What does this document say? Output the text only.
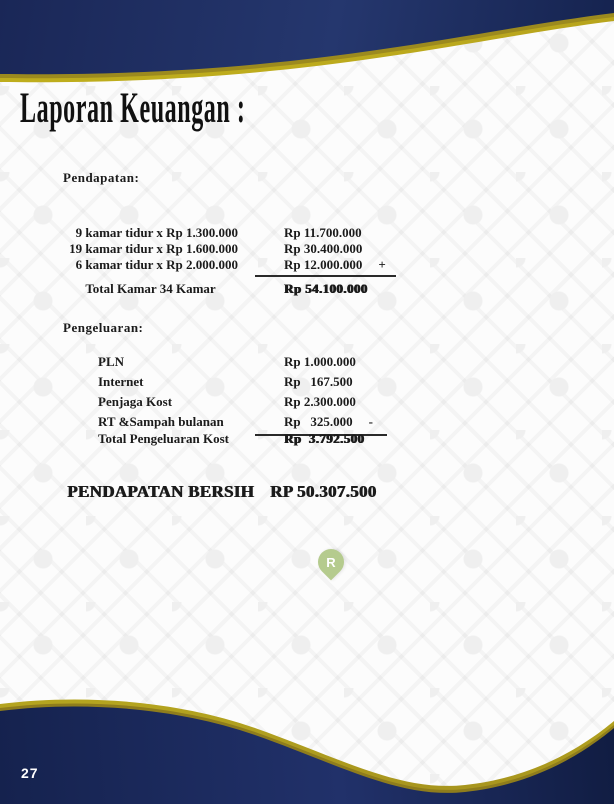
Laporan Keuangan :
Pendapatan:
9 kamar tidur x Rp 1.300.000	Rp 11.700.000
19 kamar tidur x Rp 1.600.000	Rp 30.400.000
6 kamar tidur x Rp 2.000.000	Rp 12.000.000 +
Total Kamar 34 Kamar	Rp 54.100.000
Pengeluaran:
PLN	Rp 1.000.000
Internet	Rp   167.500
Penjaga Kost	Rp 2.300.000
RT &Sampah bulanan	Rp   325.000 -
Total Pengeluaran Kost	Rp  3.792.500
PENDAPATAN BERSIH RP 50.307.500
R
27
